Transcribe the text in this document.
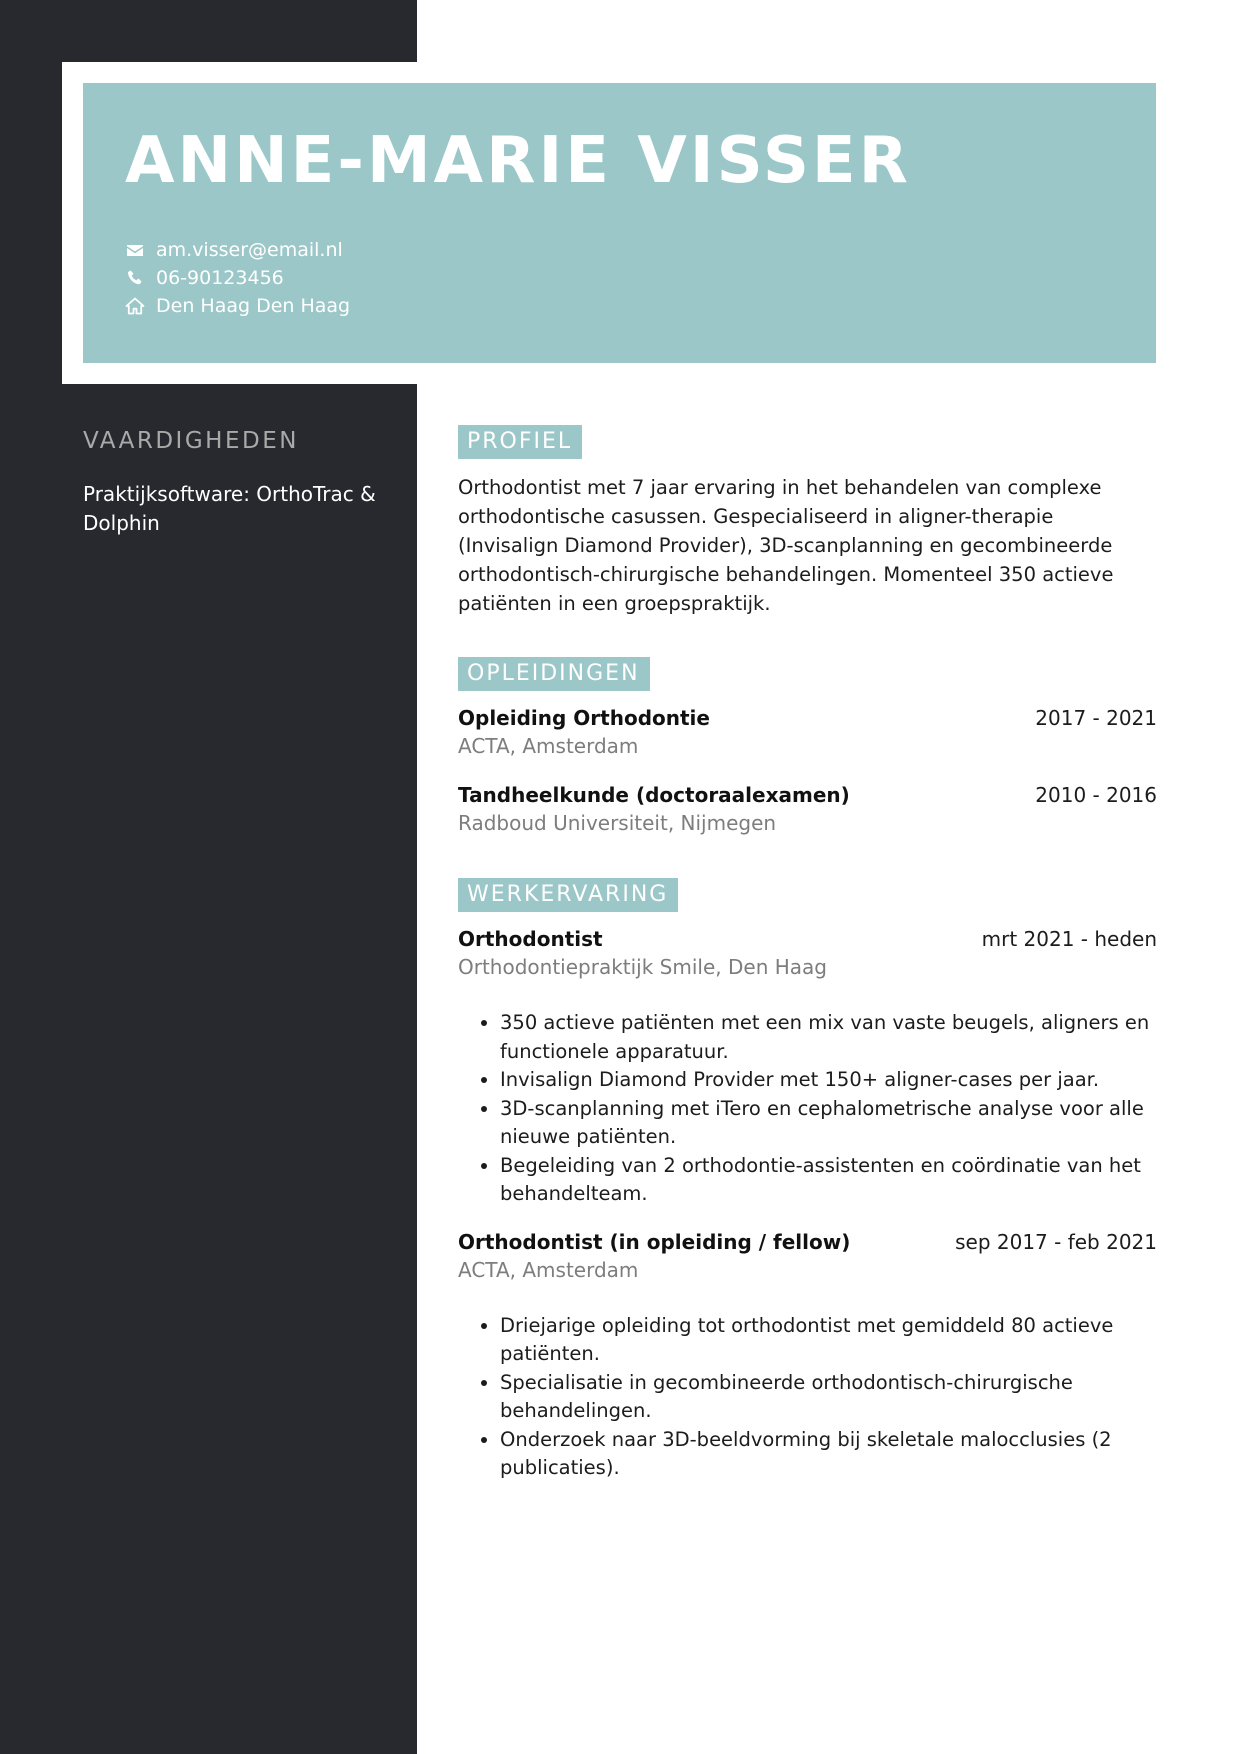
ANNE-MARIE VISSER
am.visser@email.nl
06-90123456
Den Haag Den Haag
VAARDIGHEDEN

Praktijksoftware: OrthoTrac & Dolphin

PROFIEL

Orthodontist met 7 jaar ervaring in het behandelen van complexe orthodontische casussen. Gespecialiseerd in aligner-therapie (Invisalign Diamond Provider), 3D-scanplanning en gecombineerde orthodontisch-chirurgische behandelingen. Momenteel 350 actieve patiënten in een groepspraktijk.

OPLEIDINGEN
Opleiding Orthodontie	2017 - 2021
ACTA, Amsterdam
Tandheelkunde (doctoraalexamen)	2010 - 2016
Radboud Universiteit, Nijmegen
WERKERVARING
Orthodontist	mrt 2021 - heden
Orthodontiepraktijk Smile, Den Haag
• 350 actieve patiënten met een mix van vaste beugels, aligners en functionele apparatuur.
• Invisalign Diamond Provider met 150+ aligner-cases per jaar.
• 3D-scanplanning met iTero en cephalometrische analyse voor alle nieuwe patiënten.
• Begeleiding van 2 orthodontie-assistenten en coördinatie van het behandelteam.
Orthodontist (in opleiding / fellow)	sep 2017 - feb 2021
ACTA, Amsterdam
• Driejarige opleiding tot orthodontist met gemiddeld 80 actieve patiënten.
• Specialisatie in gecombineerde orthodontisch-chirurgische behandelingen.
• Onderzoek naar 3D-beeldvorming bij skeletale malocclusies (2 publicaties).
